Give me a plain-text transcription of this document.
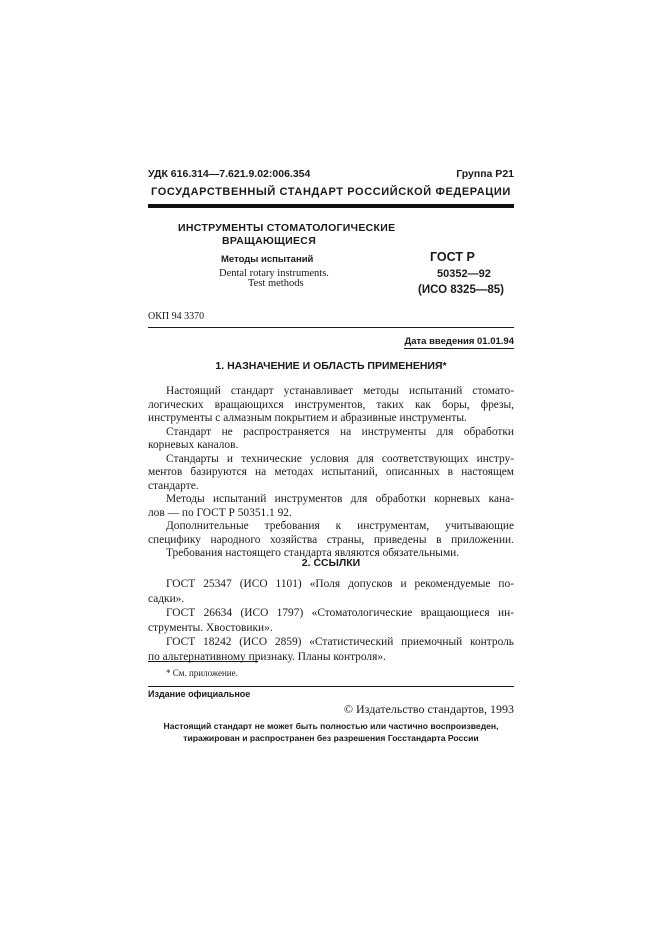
УДК 616.314—7.621.9.02:006.354	Группа Р21
ГОСУДАРСТВЕННЫЙ СТАНДАРТ РОССИЙСКОЙ ФЕДЕРАЦИИ
ИНСТРУМЕНТЫ СТОМАТОЛОГИЧЕСКИЕ
ВРАЩАЮЩИЕСЯ
Методы испытаний
Dental rotary instruments.
Test methods
ГОСТ Р
50352—92
(ИСО 8325—85)
ОКП 94 3370
Дата введения 01.01.94
1. НАЗНАЧЕНИЕ И ОБЛАСТЬ ПРИМЕНЕНИЯ*
Настоящий стандарт устанавливает методы испытаний стомато-
логических вращающихся инструментов, таких как боры, фрезы,
инструменты с алмазным покрытием и абразивные инструменты.
Стандарт не распространяется на инструменты для обработки
корневых каналов.
Стандарты и технические условия для соответствующих инстру-
ментов базируются на методах испытаний, описанных в настоящем
стандарте.
Методы испытаний инструментов для обработки корневых кана-
лов — по ГОСТ Р 50351.1 92.
Дополнительные требования к инструментам, учитывающие
специфику народного хозяйства страны, приведены в приложении.
Требования настоящего стандарта являются обязательными.
2. ССЫЛКИ
ГОСТ 25347 (ИСО 1101) «Поля допусков и рекомендуемые по-
садки».
ГОСТ 26634 (ИСО 1797) «Стоматологические вращающиеся ин-
струменты. Хвостовики».
ГОСТ 18242 (ИСО 2859) «Статистический приемочный контроль
по альтернативному признаку. Планы контроля».
* См. приложение.
Издание официальное
© Издательство стандартов, 1993
Настоящий стандарт не может быть полностью или частично воспроизведен,
тиражирован и распространен без разрешения Госстандарта России
